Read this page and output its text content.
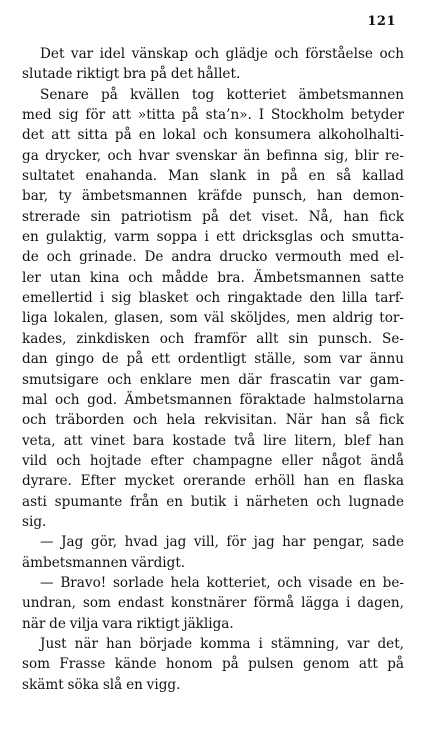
121
Det var idel vänskap och glädje och förståelse och
slutade riktigt bra på det hållet.
Senare på kvällen tog kotteriet ämbetsmannen
med sig för att »titta på sta’n». I Stockholm betyder
det att sitta på en lokal och konsumera alkoholhalti-
ga drycker, och hvar svenskar än befinna sig, blir re-
sultatet enahanda. Man slank in på en så kallad
bar, ty ämbetsmannen kräfde punsch, han demon-
strerade sin patriotism på det viset. Nå, han fick
en gulaktig, varm soppa i ett dricksglas och smutta-
de och grinade. De andra drucko vermouth med el-
ler utan kina och mådde bra. Ämbetsmannen satte
emellertid i sig blasket och ringaktade den lilla tarf-
liga lokalen, glasen, som väl sköljdes, men aldrig tor-
kades, zinkdisken och framför allt sin punsch. Se-
dan gingo de på ett ordentligt ställe, som var ännu
smutsigare och enklare men där frascatin var gam-
mal och god. Ämbetsmannen föraktade halmstolarna
och träborden och hela rekvisitan. När han så fick
veta, att vinet bara kostade två lire litern, blef han
vild och hojtade efter champagne eller något ändå
dyrare. Efter mycket orerande erhöll han en flaska
asti spumante från en butik i närheten och lugnade
sig.
— Jag gör, hvad jag vill, för jag har pengar, sade
ämbetsmannen värdigt.
— Bravo! sorlade hela kotteriet, och visade en be-
undran, som endast konstnärer förmå lägga i dagen,
när de vilja vara riktigt jäkliga.
Just när han började komma i stämning, var det,
som Frasse kände honom på pulsen genom att på
skämt söka slå en vigg.
